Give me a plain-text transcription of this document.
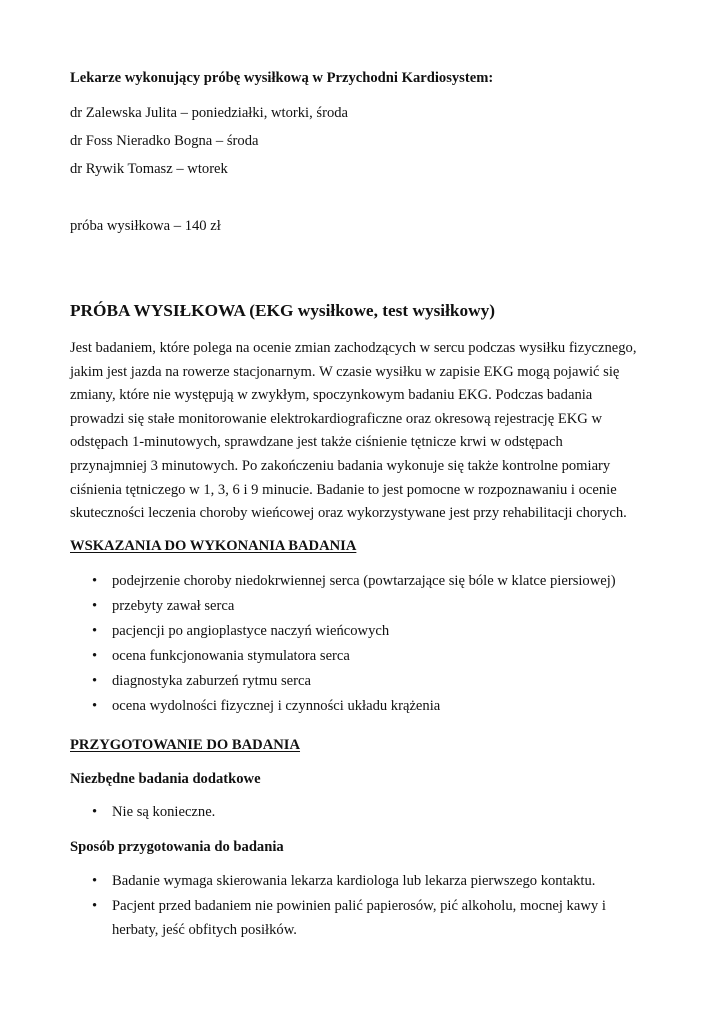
Lekarze wykonujący próbę wysiłkową w Przychodni Kardiosystem:
dr Zalewska Julita – poniedziałki, wtorki, środa
dr Foss Nieradko Bogna – środa
dr Rywik Tomasz – wtorek
próba wysiłkowa – 140 zł
PRÓBA WYSIŁKOWA (EKG wysiłkowe, test wysiłkowy)
Jest badaniem, które polega na ocenie zmian zachodzących w sercu podczas wysiłku fizycznego, jakim jest jazda na rowerze stacjonarnym. W czasie wysiłku w zapisie EKG mogą pojawić się zmiany, które nie występują w zwykłym, spoczynkowym badaniu EKG. Podczas badania prowadzi się stałe monitorowanie elektrokardiograficzne oraz okresową rejestrację EKG w odstępach 1-minutowych, sprawdzane jest także ciśnienie tętnicze krwi w odstępach przynajmniej 3 minutowych. Po zakończeniu badania wykonuje się także kontrolne pomiary ciśnienia tętniczego w 1, 3, 6 i 9 minucie. Badanie to jest pomocne w rozpoznawaniu i ocenie skuteczności leczenia choroby wieńcowej oraz wykorzystywane jest przy rehabilitacji chorych.
WSKAZANIA DO WYKONANIA BADANIA
• podejrzenie choroby niedokrwiennej serca (powtarzające się bóle w klatce piersiowej)
• przebyty zawał serca
• pacjencji po angioplastyce naczyń wieńcowych
• ocena funkcjonowania stymulatora serca
• diagnostyka zaburzeń rytmu serca
• ocena wydolności fizycznej i czynności układu krążenia
PRZYGOTOWANIE DO BADANIA
Niezbędne badania dodatkowe
• Nie są konieczne.
Sposób przygotowania do badania
• Badanie wymaga skierowania lekarza kardiologa lub lekarza pierwszego kontaktu.
• Pacjent przed badaniem nie powinien palić papierosów, pić alkoholu, mocnej kawy i herbaty, jeść obfitych posiłków.
